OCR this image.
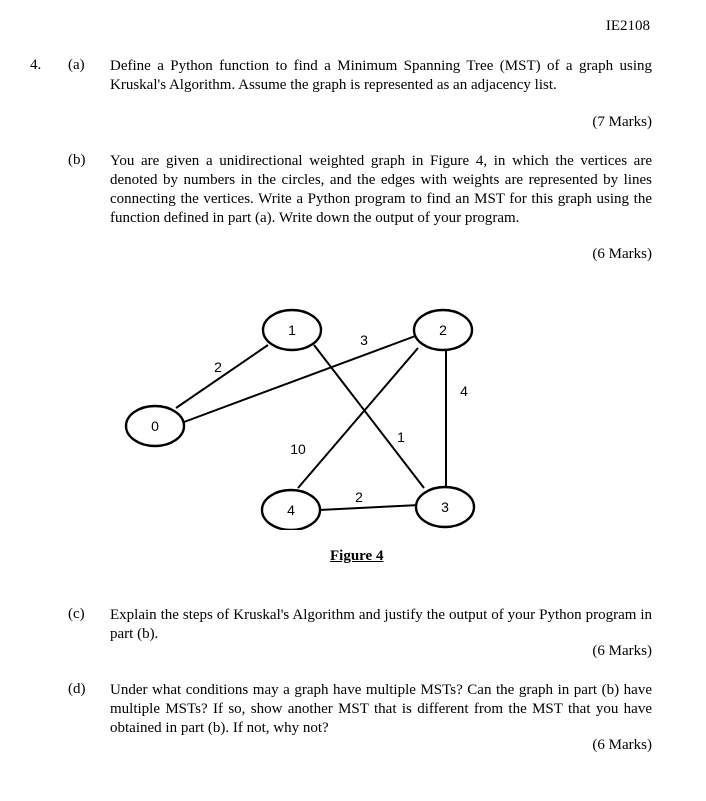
IE2108
4. (a) Define a Python function to find a Minimum Spanning Tree (MST) of a graph using Kruskal's Algorithm. Assume the graph is represented as an adjacency list.
(7 Marks)
(b) You are given a unidirectional weighted graph in Figure 4, in which the vertices are denoted by numbers in the circles, and the edges with weights are represented by lines connecting the vertices. Write a Python program to find an MST for this graph using the function defined in part (a). Write down the output of your program.
(6 Marks)
0
1	2
3
4
2
3
1
4
10
2
Figure 4
(c) Explain the steps of Kruskal's Algorithm and justify the output of your Python program in part (b).
(6 Marks)
(d) Under what conditions may a graph have multiple MSTs? Can the graph in part (b) have multiple MSTs? If so, show another MST that is different from the MST that you have obtained in part (b). If not, why not?
(6 Marks)
